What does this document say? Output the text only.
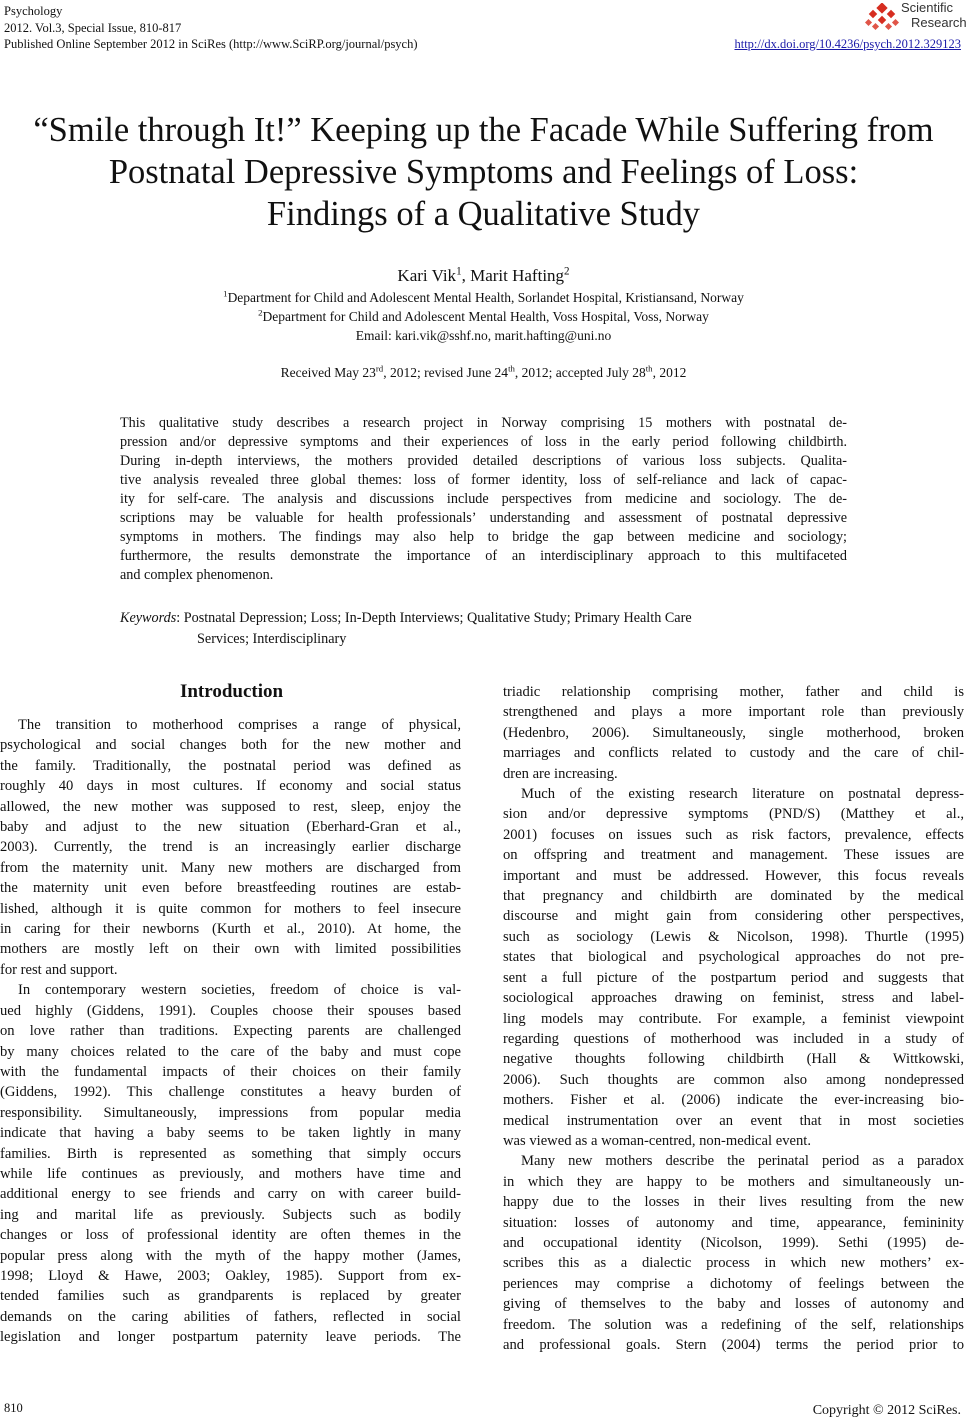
Psychology
2012. Vol.3, Special Issue, 810-817
Published Online September 2012 in SciRes (http://www.SciRP.org/journal/psych)	http://dx.doi.org/10.4236/psych.2012.329123
Scientific
Research
“Smile through It!” Keeping up the Facade While Suffering from
Postnatal Depressive Symptoms and Feelings of Loss:
Findings of a Qualitative Study
Kari Vik$^1$, Marit Hafting$^2$
$^1$Department for Child and Adolescent Mental Health, Sorlandet Hospital, Kristiansand, Norway
$^2$Department for Child and Adolescent Mental Health, Voss Hospital, Voss, Norway
Email: kari.vik@sshf.no, marit.hafting@uni.no
Received May 23rd, 2012; revised June 24th, 2012; accepted July 28th, 2012
This qualitative study describes a research project in Norway comprising 15 mothers with postnatal de-
pression and/or depressive symptoms and their experiences of loss in the early period following childbirth.
During in-depth interviews, the mothers provided detailed descriptions of various loss subjects. Qualita-
tive analysis revealed three global themes: loss of former identity, loss of self-reliance and lack of capac-
ity for self-care. The analysis and discussions include perspectives from medicine and sociology. The de-
scriptions may be valuable for health professionals’ understanding and assessment of postnatal depressive
symptoms in mothers. The findings may also help to bridge the gap between medicine and sociology;
furthermore, the results demonstrate the importance of an interdisciplinary approach to this multifaceted
and complex phenomenon.
Keywords: Postnatal Depression; Loss; In-Depth Interviews; Qualitative Study; Primary Health Care
Services; Interdisciplinary
Introduction
The transition to motherhood comprises a range of physical,
psychological and social changes both for the new mother and
the family. Traditionally, the postnatal period was defined as
roughly 40 days in most cultures. If economy and social status
allowed, the new mother was supposed to rest, sleep, enjoy the
baby and adjust to the new situation (Eberhard-Gran et al.,
2003). Currently, the trend is an increasingly earlier discharge
from the maternity unit. Many new mothers are discharged from
the maternity unit even before breastfeeding routines are estab-
lished, although it is quite common for mothers to feel insecure
in caring for their newborns (Kurth et al., 2010). At home, the
mothers are mostly left on their own with limited possibilities
for rest and support.
In contemporary western societies, freedom of choice is val-
ued highly (Giddens, 1991). Couples choose their spouses based
on love rather than traditions. Expecting parents are challenged
by many choices related to the care of the baby and must cope
with the fundamental impacts of their choices on their family
(Giddens, 1992). This challenge constitutes a heavy burden of
responsibility. Simultaneously, impressions from popular media
indicate that having a baby seems to be taken lightly in many
families. Birth is represented as something that simply occurs
while life continues as previously, and mothers have time and
additional energy to see friends and carry on with career build-
ing and marital life as previously. Subjects such as bodily
changes or loss of professional identity are often themes in the
popular press along with the myth of the happy mother (James,
1998; Lloyd & Hawe, 2003; Oakley, 1985). Support from ex-
tended families such as grandparents is replaced by greater
demands on the caring abilities of fathers, reflected in social
legislation and longer postpartum paternity leave periods. The
triadic relationship comprising mother, father and child is
strengthened and plays a more important role than previously
(Hedenbro, 2006). Simultaneously, single motherhood, broken
marriages and conflicts related to custody and the care of chil-
dren are increasing.
Much of the existing research literature on postnatal depress-
sion and/or depressive symptoms (PND/S) (Matthey et al.,
2001) focuses on issues such as risk factors, prevalence, effects
on offspring and treatment and management. These issues are
important and must be addressed. However, this focus reveals
that pregnancy and childbirth are dominated by the medical
discourse and might gain from considering other perspectives,
such as sociology (Lewis & Nicolson, 1998). Thurtle (1995)
states that biological and psychological approaches do not pre-
sent a full picture of the postpartum period and suggests that
sociological approaches drawing on feminist, stress and label-
ling models may contribute. For example, a feminist viewpoint
regarding questions of motherhood was included in a study of
negative thoughts following childbirth (Hall & Wittkowski,
2006). Such thoughts are common also among nondepressed
mothers. Fisher et al. (2006) indicate the ever-increasing bio-
medical instrumentation over an event that in most societies
was viewed as a woman-centred, non-medical event.
Many new mothers describe the perinatal period as a paradox
in which they are happy to be mothers and simultaneously un-
happy due to the losses in their lives resulting from the new
situation: losses of autonomy and time, appearance, femininity
and occupational identity (Nicolson, 1999). Sethi (1995) de-
scribes this as a dialectic process in which new mothers’ ex-
periences may comprise a dichotomy of feelings between the
giving of themselves to the baby and losses of autonomy and
freedom. The solution was a redefining of the self, relationships
and professional goals. Stern (2004) terms the period prior to
810	Copyright © 2012 SciRes.
